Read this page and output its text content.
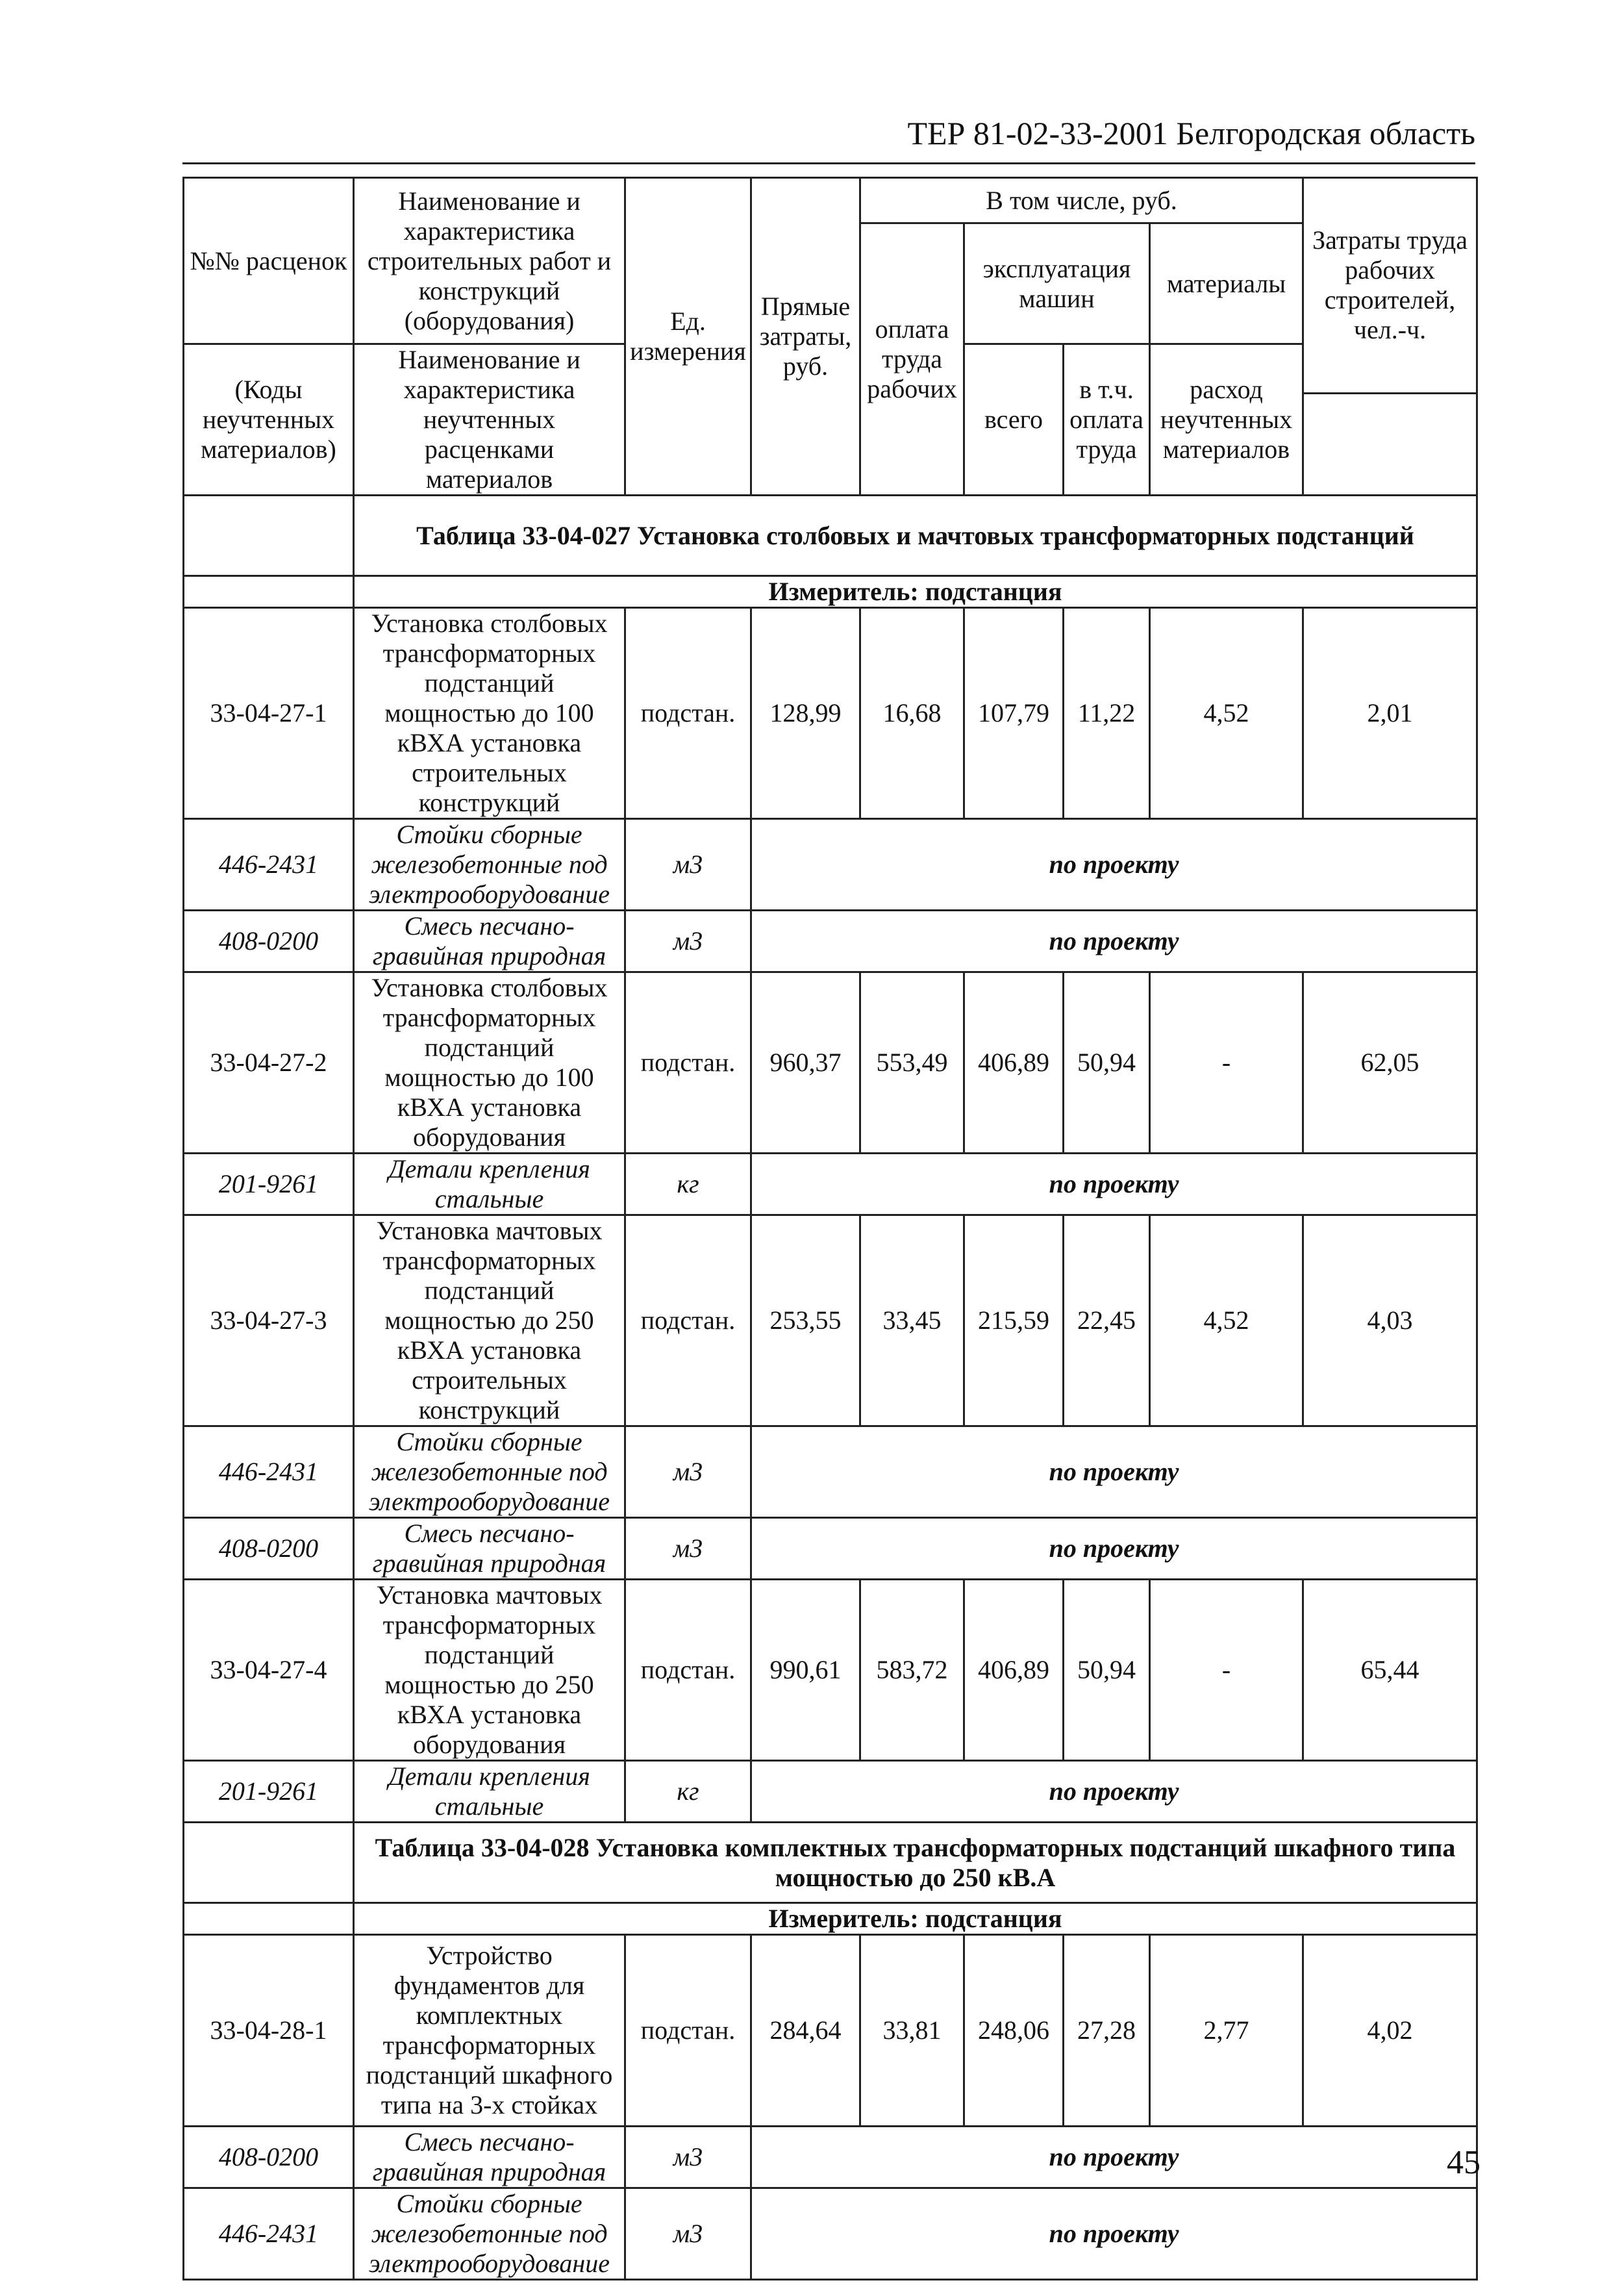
ТЕР 81-02-33-2001 Белгородская область
№№ расценок	Наименование и характеристика строительных работ и конструкций (оборудования)	Ед. измерения	Прямые затраты, руб.	В том числе, руб.				Затраты труда рабочих строителей, чел.-ч.
				оплата труда рабочих	эксплуатация машин		материалы	
(Коды неучтенных материалов)	Наименование и характеристика неучтенных расценками материалов				всего	в т.ч. оплата труда	расход неучтенных материалов	

	Таблица 33-04-027 Установка столбовых и мачтовых трансформаторных подстанций							
	Измеритель: подстанция							
33-04-27-1	Установка столбовых трансформаторных подстанций мощностью до 100 кВХА установка строительных конструкций	подстан.	128,99	16,68	107,79	11,22	4,52	2,01
446-2431	Стойки сборные железобетонные под электрооборудование	м3	по проекту					
408-0200	Смесь песчано-гравийная природная	м3	по проекту					
33-04-27-2	Установка столбовых трансформаторных подстанций мощностью до 100 кВХА установка оборудования	подстан.	960,37	553,49	406,89	50,94	-	62,05
201-9261	Детали крепления стальные	кг	по проекту					
33-04-27-3	Установка мачтовых трансформаторных подстанций мощностью до 250 кВХА установка строительных конструкций	подстан.	253,55	33,45	215,59	22,45	4,52	4,03
446-2431	Стойки сборные железобетонные под электрооборудование	м3	по проекту					
408-0200	Смесь песчано-гравийная природная	м3	по проекту					
33-04-27-4	Установка мачтовых трансформаторных подстанций мощностью до 250 кВХА установка оборудования	подстан.	990,61	583,72	406,89	50,94	-	65,44
201-9261	Детали крепления стальные	кг	по проекту					
	Таблица 33-04-028 Установка комплектных трансформаторных подстанций шкафного типа мощностью до 250 кВ.А							
	Измеритель: подстанция							
33-04-28-1	Устройство фундаментов для комплектных трансформаторных подстанций шкафного типа на 3-х стойках	подстан.	284,64	33,81	248,06	27,28	2,77	4,02
408-0200	Смесь песчано-гравийная природная	м3	по проекту					
446-2431	Стойки сборные железобетонные под электрооборудование	м3	по проекту					
45
